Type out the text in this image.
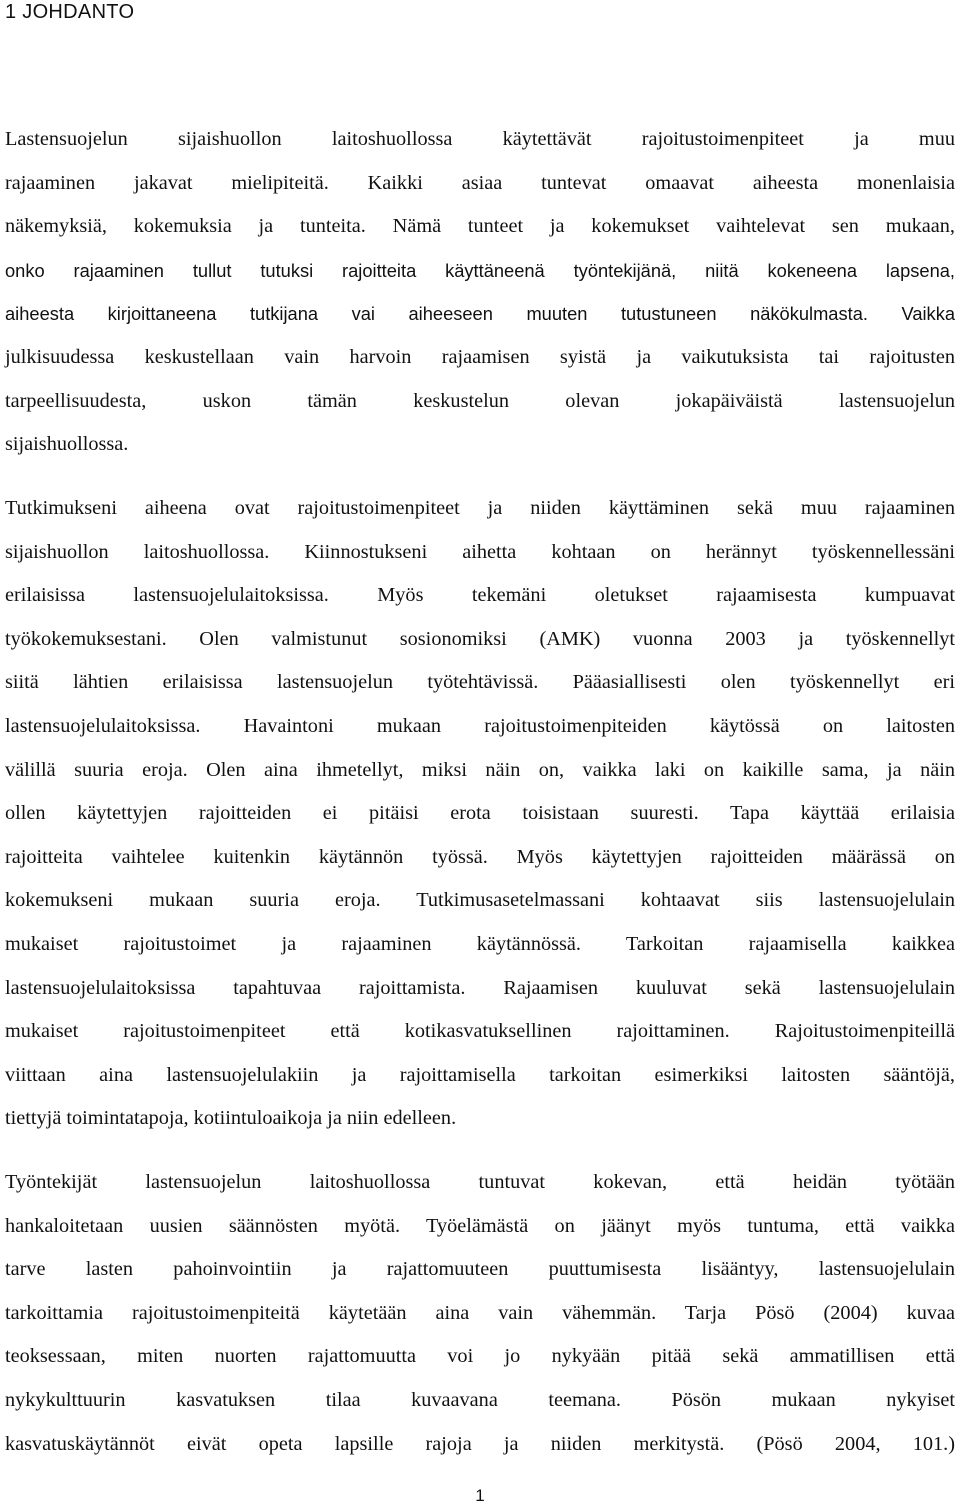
1 JOHDANTO
Lastensuojelun sijaishuollon laitoshuollossa käytettävät rajoitustoimenpiteet ja muu
rajaaminen jakavat mielipiteitä. Kaikki asiaa tuntevat omaavat aiheesta monenlaisia
näkemyksiä, kokemuksia ja tunteita. Nämä tunteet ja kokemukset vaihtelevat sen mukaan,
onko rajaaminen tullut tutuksi rajoitteita käyttäneenä työntekijänä, niitä kokeneena lapsena,
aiheesta kirjoittaneena tutkijana vai aiheeseen muuten tutustuneen näkökulmasta. Vaikka
julkisuudessa keskustellaan vain harvoin rajaamisen syistä ja vaikutuksista tai rajoitusten
tarpeellisuudesta, uskon tämän keskustelun olevan jokapäiväistä lastensuojelun
sijaishuollossa.
Tutkimukseni aiheena ovat rajoitustoimenpiteet ja niiden käyttäminen sekä muu rajaaminen
sijaishuollon laitoshuollossa. Kiinnostukseni aihetta kohtaan on herännyt työskennellessäni
erilaisissa lastensuojelulaitoksissa. Myös tekemäni oletukset rajaamisesta kumpuavat
työkokemuksestani. Olen valmistunut sosionomiksi (AMK) vuonna 2003 ja työskennellyt
siitä lähtien erilaisissa lastensuojelun työtehtävissä. Pääasiallisesti olen työskennellyt eri
lastensuojelulaitoksissa. Havaintoni mukaan rajoitustoimenpiteiden käytössä on laitosten
välillä suuria eroja. Olen aina ihmetellyt, miksi näin on, vaikka laki on kaikille sama, ja näin
ollen käytettyjen rajoitteiden ei pitäisi erota toisistaan suuresti. Tapa käyttää erilaisia
rajoitteita vaihtelee kuitenkin käytännön työssä. Myös käytettyjen rajoitteiden määrässä on
kokemukseni mukaan suuria eroja. Tutkimusasetelmassani kohtaavat siis lastensuojelulain
mukaiset rajoitustoimet ja rajaaminen käytännössä. Tarkoitan rajaamisella kaikkea
lastensuojelulaitoksissa tapahtuvaa rajoittamista. Rajaamisen kuuluvat sekä lastensuojelulain
mukaiset rajoitustoimenpiteet että kotikasvatuksellinen rajoittaminen. Rajoitustoimenpiteillä
viittaan aina lastensuojelulakiin ja rajoittamisella tarkoitan esimerkiksi laitosten sääntöjä,
tiettyjä toimintatapoja, kotiintuloaikoja ja niin edelleen.
Työntekijät lastensuojelun laitoshuollossa tuntuvat kokevan, että heidän työtään
hankaloitetaan uusien säännösten myötä. Työelämästä on jäänyt myös tuntuma, että vaikka
tarve lasten pahoinvointiin ja rajattomuuteen puuttumisesta lisääntyy, lastensuojelulain
tarkoittamia rajoitustoimenpiteitä käytetään aina vain vähemmän. Tarja Pösö (2004) kuvaa
teoksessaan, miten nuorten rajattomuutta voi jo nykyään pitää sekä ammatillisen että
nykykulttuurin kasvatuksen tilaa kuvaavana teemana. Pösön mukaan nykyiset
kasvatuskäytännöt eivät opeta lapsille rajoja ja niiden merkitystä. (Pösö 2004, 101.)
1
